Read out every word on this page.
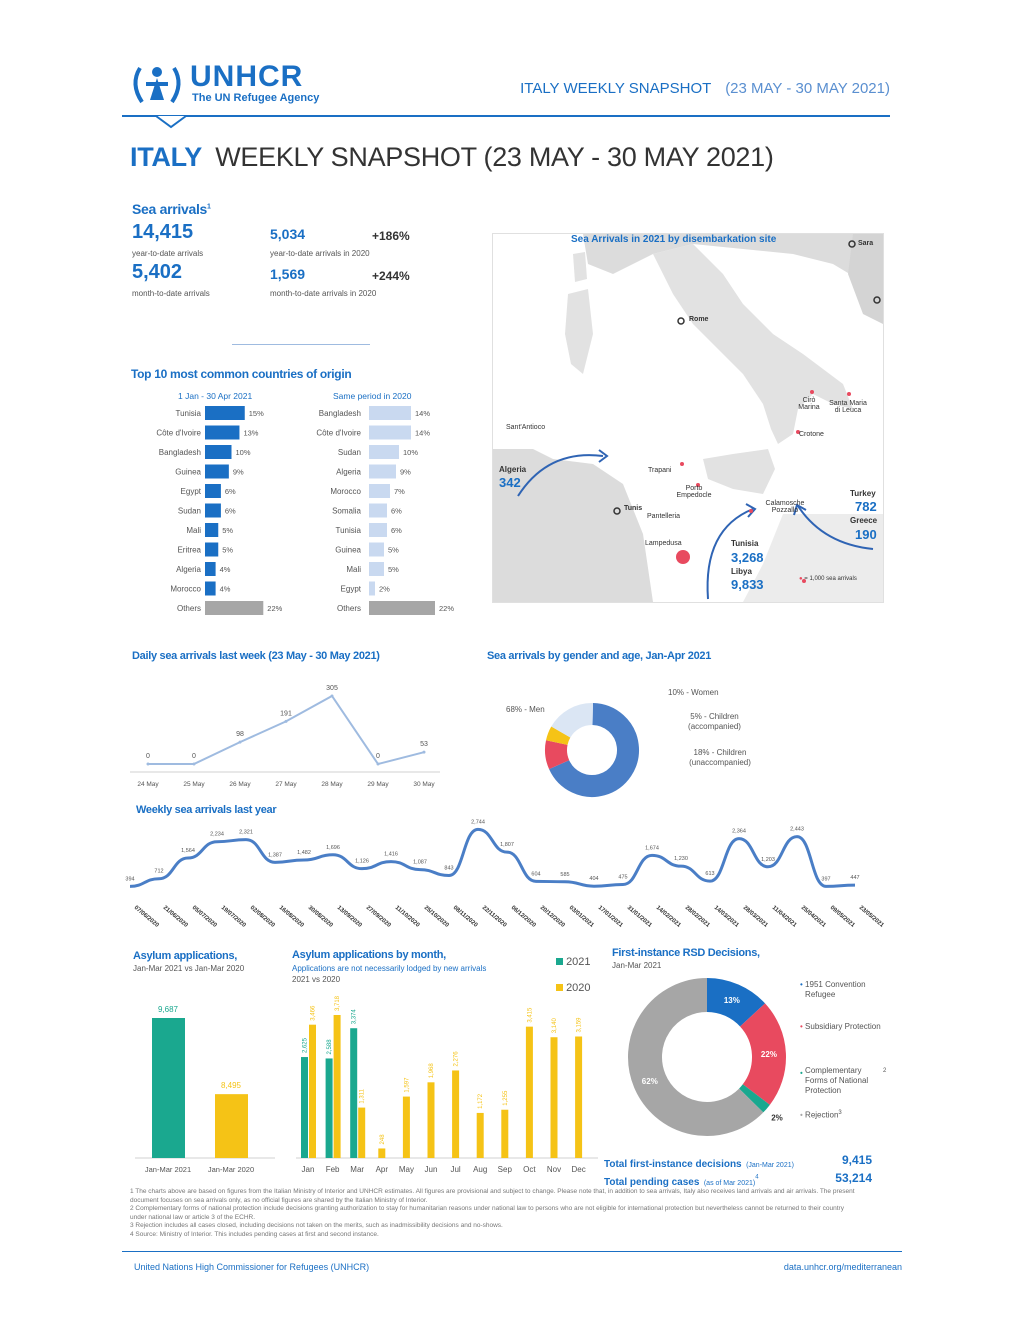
UNHCR
The UN Refugee Agency
ITALY WEEKLY SNAPSHOT (23 MAY - 30 MAY 2021)
ITALY WEEKLY SNAPSHOT (23 MAY - 30 MAY 2021)
Sea arrivals$^1$
14,415
year-to-date arrivals
5,402
month-to-date arrivals
5,034	+186%
year-to-date arrivals in 2020
1,569	+244%
month-to-date arrivals in 2020
Top 10 most common countries of origin
1 Jan - 30 Apr 2021	Same period in 2020
Tunisia	15%
Côte d'Ivoire	13%
Bangladesh	10%
Guinea	9%
Egypt	6%
Sudan	6%
Mali	5%
Eritrea	5%
Algeria 4%
Morocco 4%
Others	22%
Bangladesh	14%
Côte d'Ivoire	14%
Sudan	10%
Algeria	9%
Morocco	7%
Somalia	6%
Tunisia	6%
Guinea	5%
Mali	5%
Egypt 2%
Others	22%
Sea Arrivals in 2021 by disembarkation site
Rome
Sant'Antioco
Trapani
Porto Empedocle
Pantelleria
Lampedusa
Calamosche Pozzallo
Crotone
Cirò Marina
Santa Maria di Leuca
Tunis
Sara
Algeria
342
Tunisia
3,268
Libya
9,833
Turkey
782
Greece
190
● = 1,000 sea arrivals
Daily sea arrivals last week (23 May - 30 May 2021)
0
24 May
0
25 May
98
26 May
191
27 May
305
28 May
0
29 May
53
30 May
Sea arrivals by gender and age, Jan-Apr 2021
68% - Men
10% - Women
5% - Children (accompanied)
18% - Children (unaccompanied)
Weekly sea arrivals last year
394
712
1,564
2,234	2,321
1,387	1,482
1,696
1,126
1,416
1,087
843
2,744
1,807
604	585
404	475
1,674
1,230
613
2,364
1,203
2,443
397	447
07/06/2020 21/06/2020 05/07/2020 19/07/2020 02/08/2020 16/08/2020 30/08/2020 13/09/2020 27/09/2020 11/10/2020 25/10/2020 08/11/2020 22/11/2020 06/12/2020 20/12/2020 03/01/2021 17/01/2021 31/01/2021 14/02/2021 28/02/2021 14/03/2021 28/03/2021 11/04/2021 25/04/2021 09/05/2021 23/05/2021
Asylum applications,
Jan-Mar 2021 vs Jan-Mar 2020
9,687
Jan-Mar 2021
8,495
Jan-Mar 2020
Asylum applications by month,
Applications are not necessarily lodged by new arrivals
2021 vs 2020
2021
2020
Jan Feb Mar Apr May Jun Jul Aug Sep Oct Nov Dec
2,625	2,588
3,374
3,466
3,718
1,311
248
1,597
1,968
2,276
1,172	1,255
3,415
3,140	3,159
First-instance RSD Decisions,
Jan-Mar 2021
13%
22%
2%
62%
• 1951 Convention Refugee
• Subsidiary Protection
• Complementary Forms of National Protection$^2$
• Rejection$^3$
Total first-instance decisions (Jan-Mar 2021)	9,415
Total pending cases (as of Mar 2021)$^4$	53,214
1 The charts above are based on figures from the Italian Ministry of Interior and UNHCR estimates. All figures are provisional and subject to change. Please note that, in addition to sea arrivals, Italy also receives land arrivals and air arrivals. The present document focuses on sea arrivals only, as no official figures are shared by the Italian Ministry of Interior.
2 Complementary forms of national protection include decisions granting authorization to stay for humanitarian reasons under national law to persons who are not eligible for international protection but nevertheless cannot be returned to their country under national law or article 3 of the ECHR.
3 Rejection includes all cases closed, including decisions not taken on the merits, such as inadmissibility decisions and no-shows.
4 Source: Ministry of Interior. This includes pending cases at first and second instance.
United Nations High Commissioner for Refugees (UNHCR)	data.unhcr.org/mediterranean
